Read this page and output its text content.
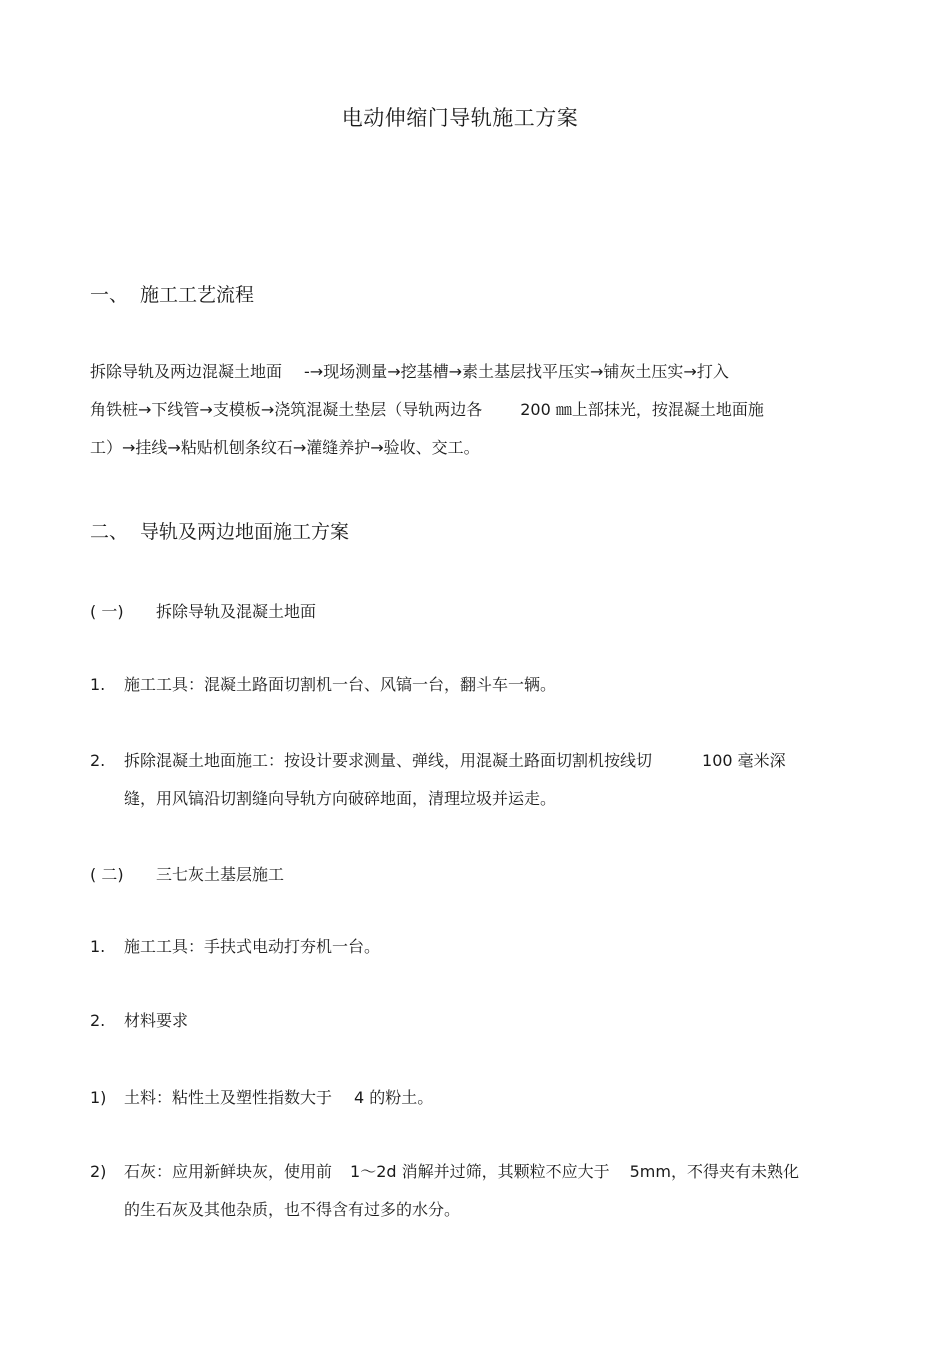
电动伸缩门导轨施工方案
一、 施工工艺流程
拆除导轨及两边混凝土地面 -→现场测量→挖基槽→素土基层找平压实→铺灰土压实→打入
角铁桩→下线管→支模板→浇筑混凝土垫层（导轨两边各 200 ㎜上部抹光，按混凝土地面施
工）→挂线→粘贴机刨条纹石→灌缝养护→验收、交工。
二、 导轨及两边地面施工方案
( 一) 拆除导轨及混凝土地面
1. 施工工具：混凝土路面切割机一台、风镐一台，翻斗车一辆。
2. 拆除混凝土地面施工：按设计要求测量、弹线，用混凝土路面切割机按线切	100 毫米深
缝，用风镐沿切割缝向导轨方向破碎地面，清理垃圾并运走。
( 二) 三七灰土基层施工
1. 施工工具：手扶式电动打夯机一台。
2. 材料要求
1) 土料：粘性土及塑性指数大于 4 的粉土。
2) 石灰：应用新鲜块灰，使用前 1～2d 消解并过筛，其颗粒不应大于 5mm，不得夹有未熟化
的生石灰及其他杂质，也不得含有过多的水分。
